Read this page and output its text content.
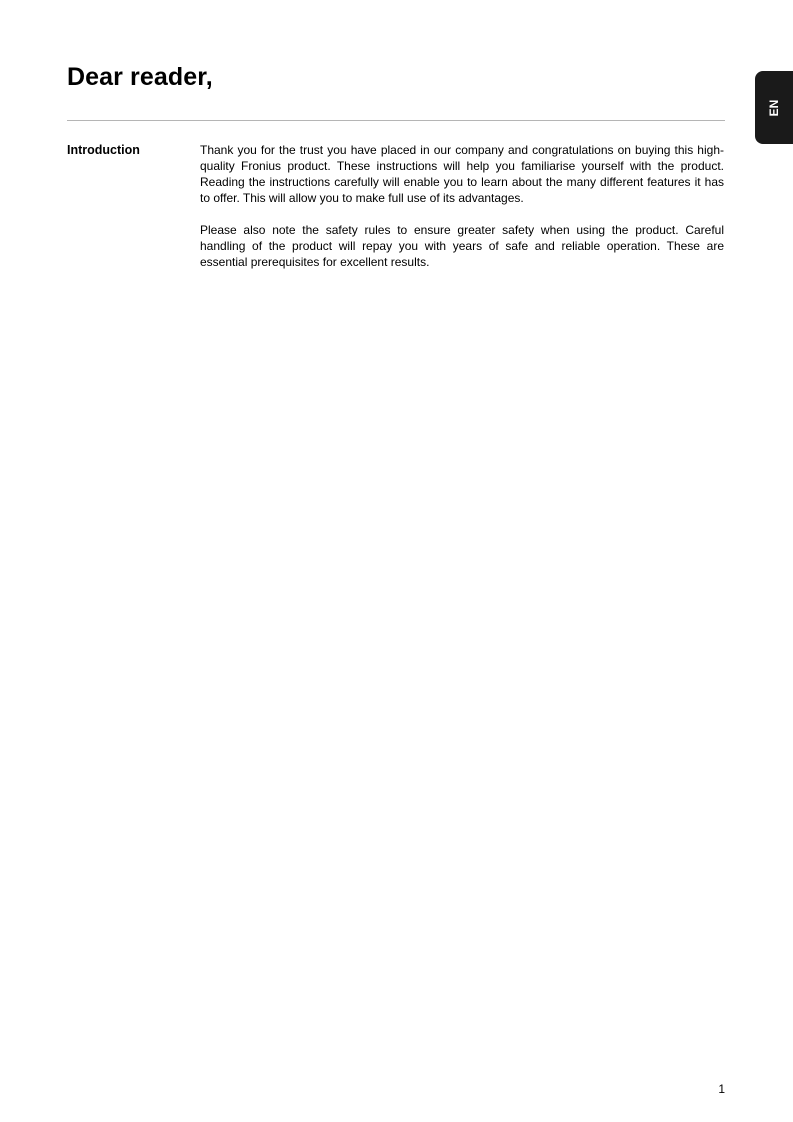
Dear reader,
EN
Introduction	Thank you for the trust you have placed in our company and congratulations on buying this high-quality Fronius product. These instructions will help you familiarise yourself with the product. Reading the instructions carefully will enable you to learn about the many different features it has to offer. This will allow you to make full use of its advantages.

Please also note the safety rules to ensure greater safety when using the product. Careful handling of the product will repay you with years of safe and reliable operation. These are essential prerequisites for excellent results.

1
